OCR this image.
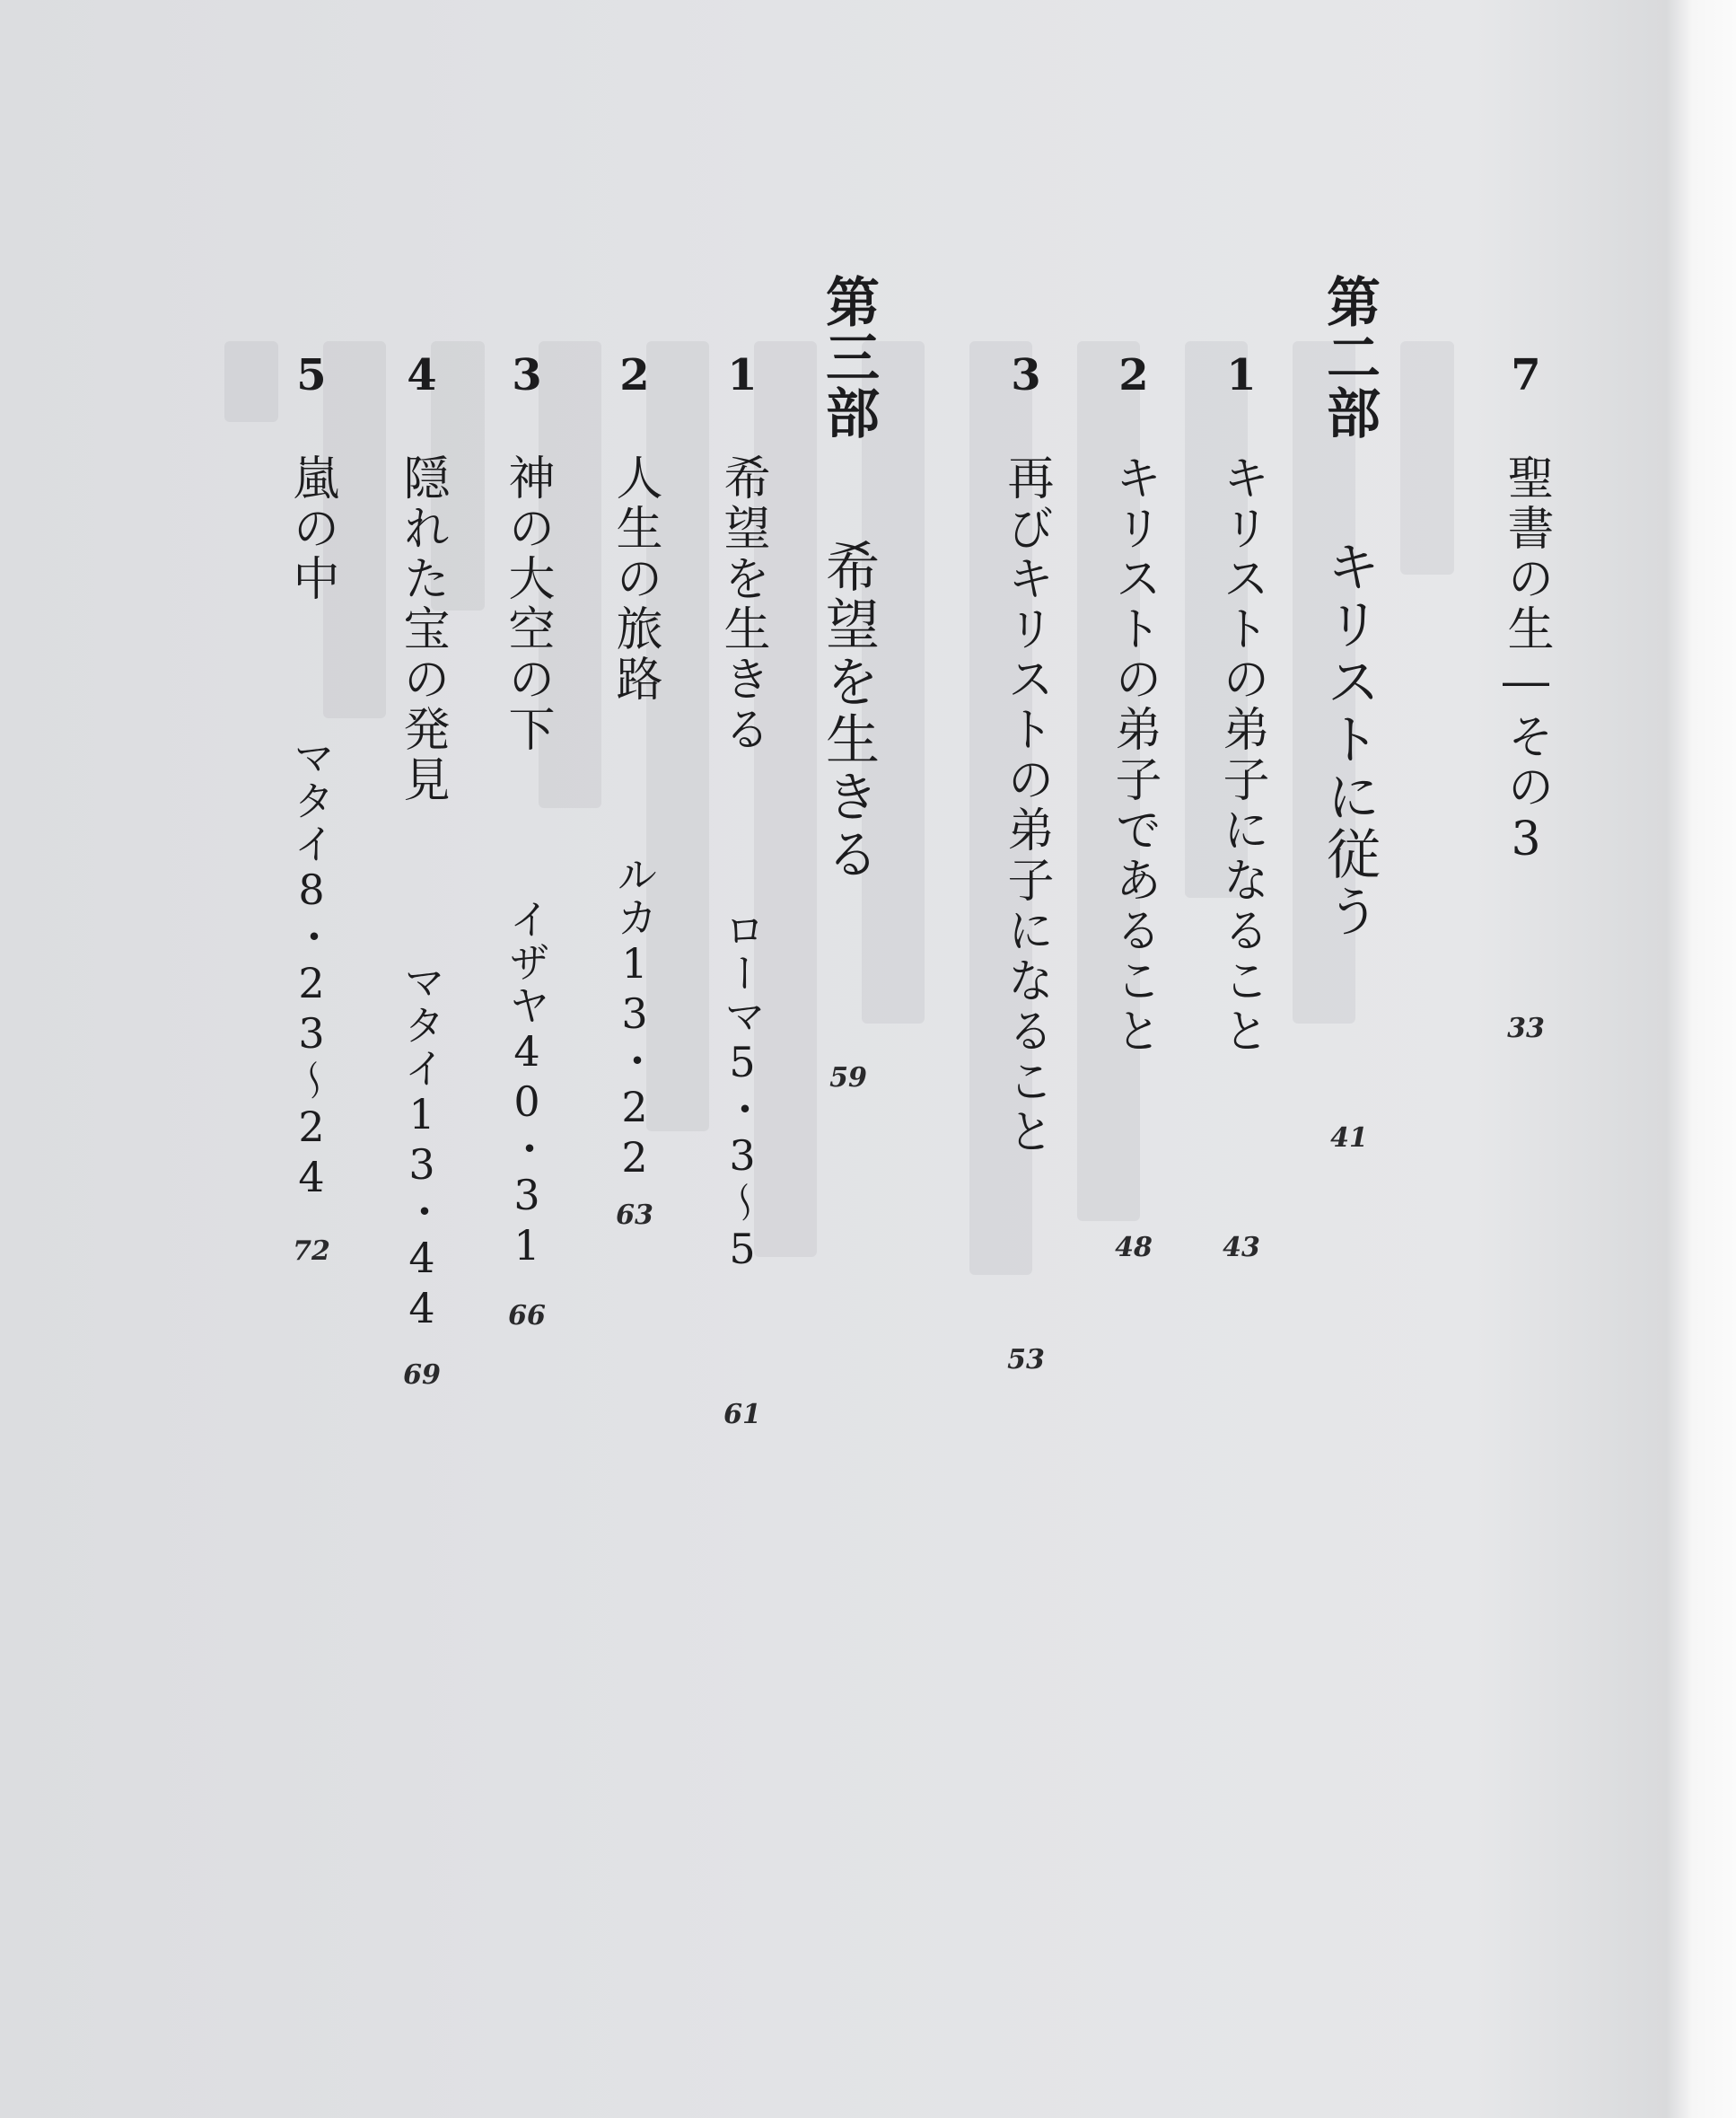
7
聖書の生―その3
33
第二部
キリストに従う
41
1
キリストの弟子になること
43
2
キリストの弟子であること
48
3
再びキリストの弟子になること
53
第三部
希望を生きる
59
1
希望を生きる
ローマ5・3～5
61
2
人生の旅路
ルカ13・22
63
3
神の大空の下
イザヤ40・31
66
4
隠れた宝の発見
マタイ13・44
69
5
嵐の中
マタイ8・23～24
72
